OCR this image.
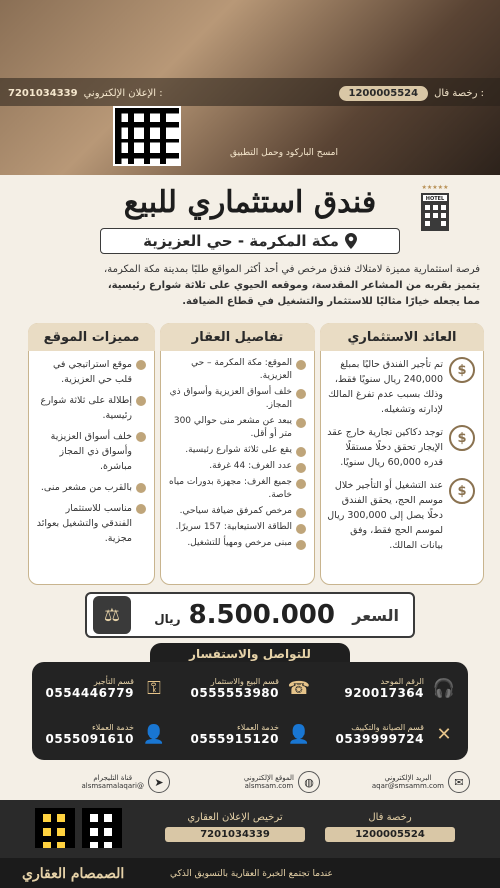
1200005524	رخصة فال :
7201034339 الإعلان الإلكتروني :
امسح الباركود وحمل التطبيق
فندق استثماري للبيع	★★★★★
HOTEL
مكة المكرمة - حي العزيزية

فرصة استثمارية مميزة لامتلاك فندق مرخص في أحد أكثر المواقع طلبًا بمدينة مكة المكرمة،

يتميز بقربه من المشاعر المقدسة، وموقعه الحيوي على ثلاثة شوارع رئيسية،

مما يجعله خيارًا مثاليًا للاستثمار والتشغيل في قطاع الضيافة.

العائد الاستثماري
$
تم تأجير الفندق حاليًا بمبلغ 240,000 ريال سنويًا فقط، وذلك بسبب عدم تفرغ المالك لإدارته وتشغيله.
$
توجد دكاكين تجارية خارج عقد الإيجار تحقق دخلًا مستقلًا قدره 60,000 ريال سنويًا.
$
عند التشغيل أو التأجير خلال موسم الحج، يحقق الفندق دخلًا يصل إلى 300,000 ريال لموسم الحج فقط، وفق بيانات المالك.
تفاصيل العقار
الموقع: مكة المكرمة – حي العزيزية.
خلف أسواق العزيزية وأسواق ذي المجاز.
يبعد عن مشعر منى حوالي 300 متر أو أقل.
يقع على ثلاثة شوارع رئيسية.
عدد الغرف: 44 غرفة.
جميع الغرف: مجهزة بدورات مياه خاصة.
مرخص كمرفق ضيافة سياحي.
الطاقة الاستيعابية: 157 سريرًا.
مبنى مرخص ومهيأ للتشغيل.
مميزات الموقع
موقع استراتيجي في قلب حي العزيزية.
إطلالة على ثلاثة شوارع رئيسية.
خلف أسواق العزيزية وأسواق ذي المجاز مباشرة.
بالقرب من مشعر منى.
مناسب للاستثمار الفندقي والتشغيل بعوائد مجزية.
⚖	ريال 8.500.000 السعر
للتواصل والاستفسار
🎧
الرقم الموحد
920017364
☎
قسم البيع والاستثمار
0555553980
⚿
قسم التأجير
0554446779
✕
قسم الصيانة والتكييف
0539999724
👤
خدمة العملاء
0555915120
👤
خدمة العملاء
0555091610
✉
البريد الإلكتروني
aqar@smsamm.com
◍
الموقع الإلكتروني
alsmsam.com
➤
قناة التليجرام
@alsmsamalaqari
ترخيص الإعلان العقاري
7201034339
رخصة فال
1200005524
الصمصام العقاري	عندما تجتمع الخبرة العقارية بالتسويق الذكي
